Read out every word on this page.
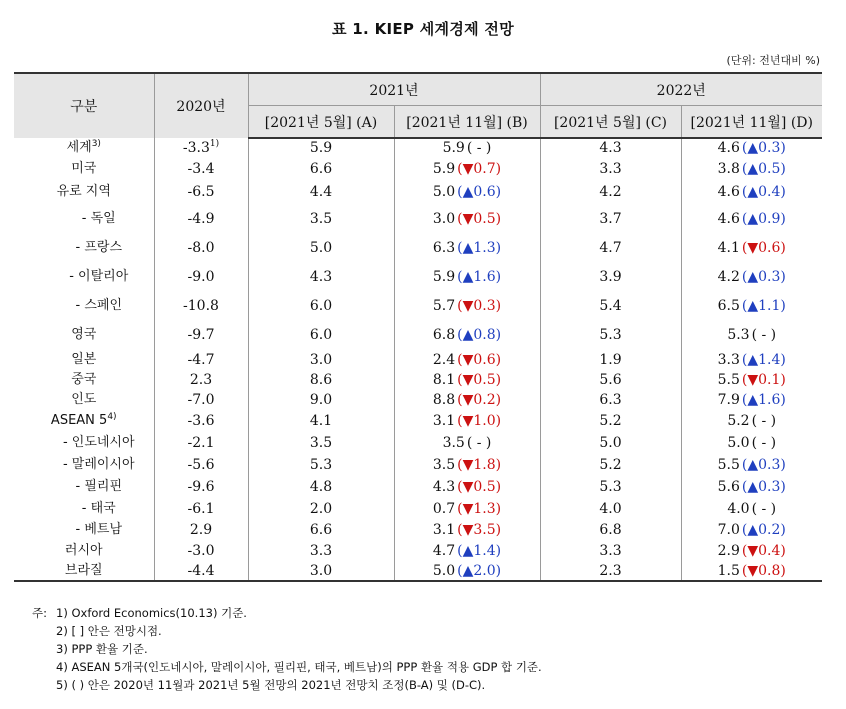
표 1. KIEP 세계경제 전망
(단위: 전년대비 %)
구분	2020년	2021년		2022년	
		[2021년 5월] (A)	[2021년 11월] (B)	[2021년 5월] (C)	[2021년 11월] (D)
세계$^{3)}$	-3.3$^{1)}$	5.9	5.9 ( - )	4.3	4.6 (▲0.3)
미국	-3.4	6.6	5.9 (▼0.7)	3.3	3.8 (▲0.5)
유로 지역	-6.5	4.4	5.0 (▲0.6)	4.2	4.6 (▲0.4)
- 독일	-4.9	3.5	3.0 (▼0.5)	3.7	4.6 (▲0.9)
- 프랑스	-8.0	5.0	6.3 (▲1.3)	4.7	4.1 (▼0.6)
- 이탈리아	-9.0	4.3	5.9 (▲1.6)	3.9	4.2 (▲0.3)
- 스페인	-10.8	6.0	5.7 (▼0.3)	5.4	6.5 (▲1.1)
영국	-9.7	6.0	6.8 (▲0.8)	5.3	5.3 ( - )
일본	-4.7	3.0	2.4 (▼0.6)	1.9	3.3 (▲1.4)
중국	2.3	8.6	8.1 (▼0.5)	5.6	5.5 (▼0.1)
인도	-7.0	9.0	8.8 (▼0.2)	6.3	7.9 (▲1.6)
ASEAN 5$^{4)}$	-3.6	4.1	3.1 (▼1.0)	5.2	5.2 ( - )
- 인도네시아	-2.1	3.5	3.5 ( - )	5.0	5.0 ( - )
- 말레이시아	-5.6	5.3	3.5 (▼1.8)	5.2	5.5 (▲0.3)
- 필리핀	-9.6	4.8	4.3 (▼0.5)	5.3	5.6 (▲0.3)
- 태국	-6.1	2.0	0.7 (▼1.3)	4.0	4.0 ( - )
- 베트남	2.9	6.6	3.1 (▼3.5)	6.8	7.0 (▲0.2)
러시아	-3.0	3.3	4.7 (▲1.4)	3.3	2.9 (▼0.4)
브라질	-4.4	3.0	5.0 (▲2.0)	2.3	1.5 (▼0.8)
주: 1) Oxford Economics(10.13) 기준.
2) [ ] 안은 전망시점.
3) PPP 환율 기준.
4) ASEAN 5개국(인도네시아, 말레이시아, 필리핀, 태국, 베트남)의 PPP 환율 적용 GDP 합 기준.
5) ( ) 안은 2020년 11월과 2021년 5월 전망의 2021년 전망치 조정(B-A) 및 (D-C).
